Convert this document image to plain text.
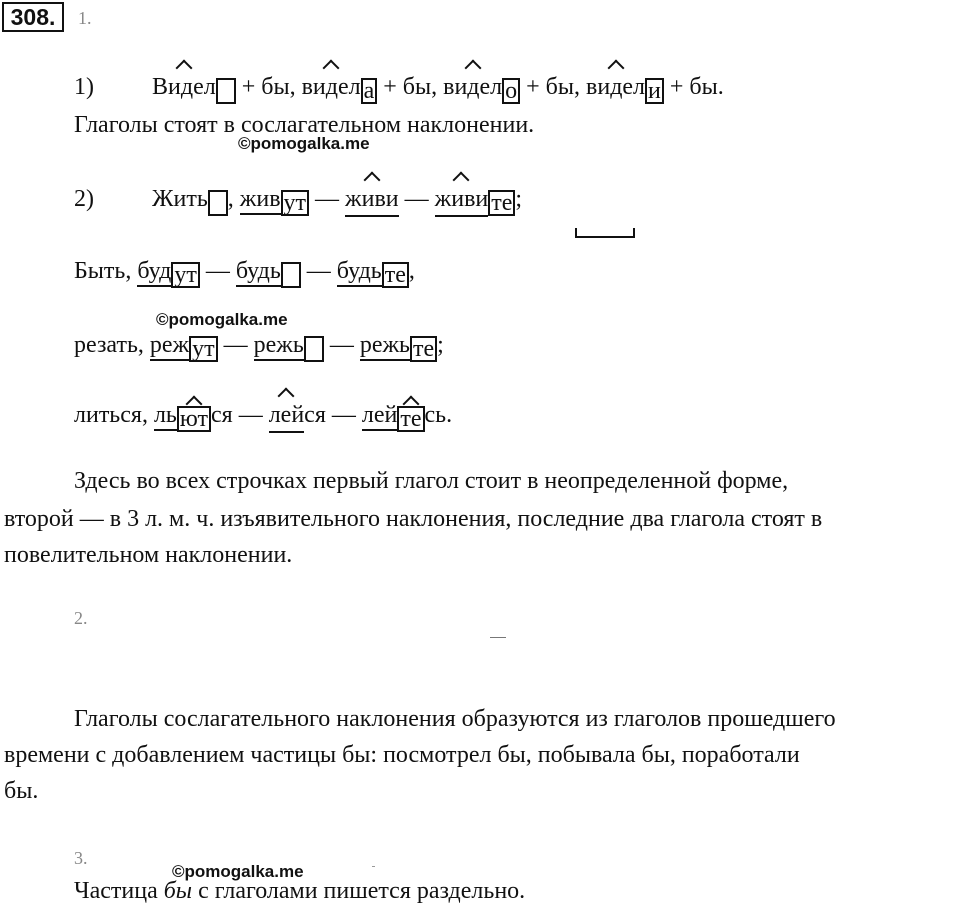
308.	1.
1) Видел + бы, видел а + бы, видел о + бы, видел и + бы.
Глаголы стоят в сослагательном наклонении.
©pomogalka.me
2) Жить , жив ут — живи — живи те ;
Быть, буд ут — будь — будь те ,
©pomogalka.me
резать, реж ут — режь — режь те ;
литься, ль ют ся — лейся — лей те сь.
Здесь во всех строчках первый глагол стоит в неопределенной форме,
второй — в 3 л. м. ч. изъявительного наклонения, последние два глагола стоят в
повелительном наклонении.
2.
Глаголы сослагательного наклонения образуются из глаголов прошедшего
времени с добавлением частицы бы: посмотрел бы, побывала бы, поработали
бы.
3.
©pomogalka.me
Частица бы с глаголами пишется раздельно.
